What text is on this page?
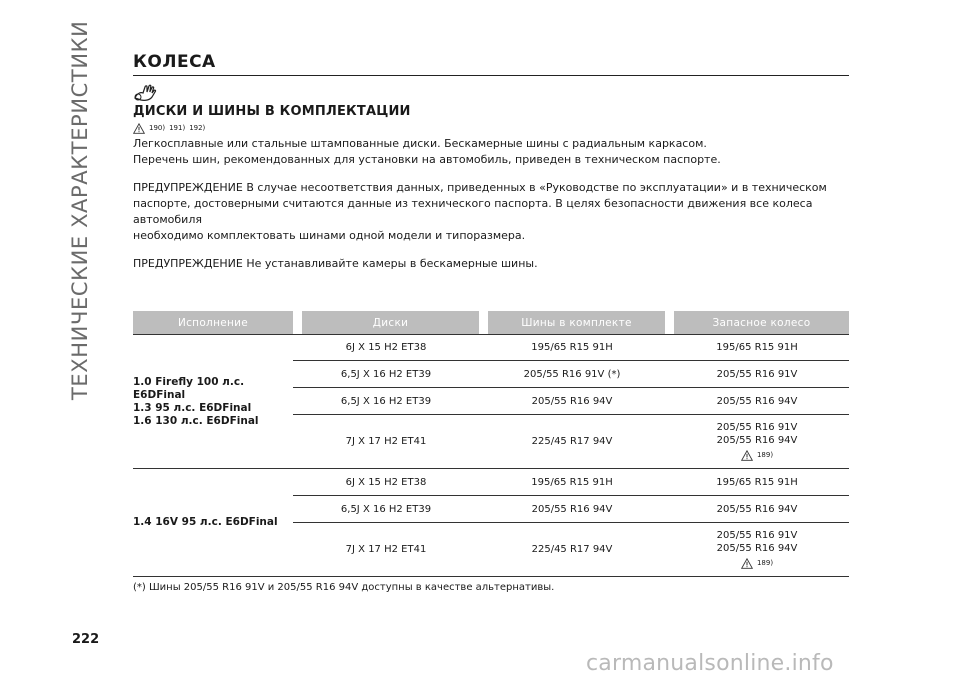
ТЕХНИЧЕСКИЕ ХАРАКТЕРИСТИКИ КОЛЕСА
ДИСКИ И ШИНЫ В КОМПЛЕКТАЦИИ
190) 191) 192)

Легкосплавные или стальные штампованные диски. Бескамерные шины с радиальным каркасом.

Перечень шин, рекомендованных для установки на автомобиль, приведен в техническом паспорте.

ПРЕДУПРЕЖДЕНИЕ В случае несоответствия данных, приведенных в «Руководстве по эксплуатации» и в техническом
паспорте, достоверными считаются данные из технического паспорта. В целях безопасности движения все колеса автомобиля
необходимо комплектовать шинами одной модели и типоразмера.

ПРЕДУПРЕЖДЕНИЕ Не устанавливайте камеры в бескамерные шины.

Исполнение	Диски	Шины в комплекте	Запасное колесо

1.0 Firefly 100 л.с.
E6DFinal
1.3 95 л.с. E6DFinal
1.6 130 л.с. E6DFinal	6J X 15 H2 ET38	195/65 R15 91H	195/65 R15 91H
	6,5J X 16 H2 ET39	205/55 R16 91V (*)	205/55 R16 91V
	6,5J X 16 H2 ET39	205/55 R16 94V	205/55 R16 94V
	7J X 17 H2 ET41	225/45 R17 94V	205/55 R16 91V
205/55 R16 94V
189)

1.4 16V 95 л.с. E6DFinal	6J X 15 H2 ET38	195/65 R15 91H	195/65 R15 91H
	6,5J X 16 H2 ET39	205/55 R16 94V	205/55 R16 94V
	7J X 17 H2 ET41	225/45 R17 94V	205/55 R16 91V
205/55 R16 94V
189)
(*) Шины 205/55 R16 91V и 205/55 R16 94V доступны в качестве альтернативы.
222
carmanualsonline.info
